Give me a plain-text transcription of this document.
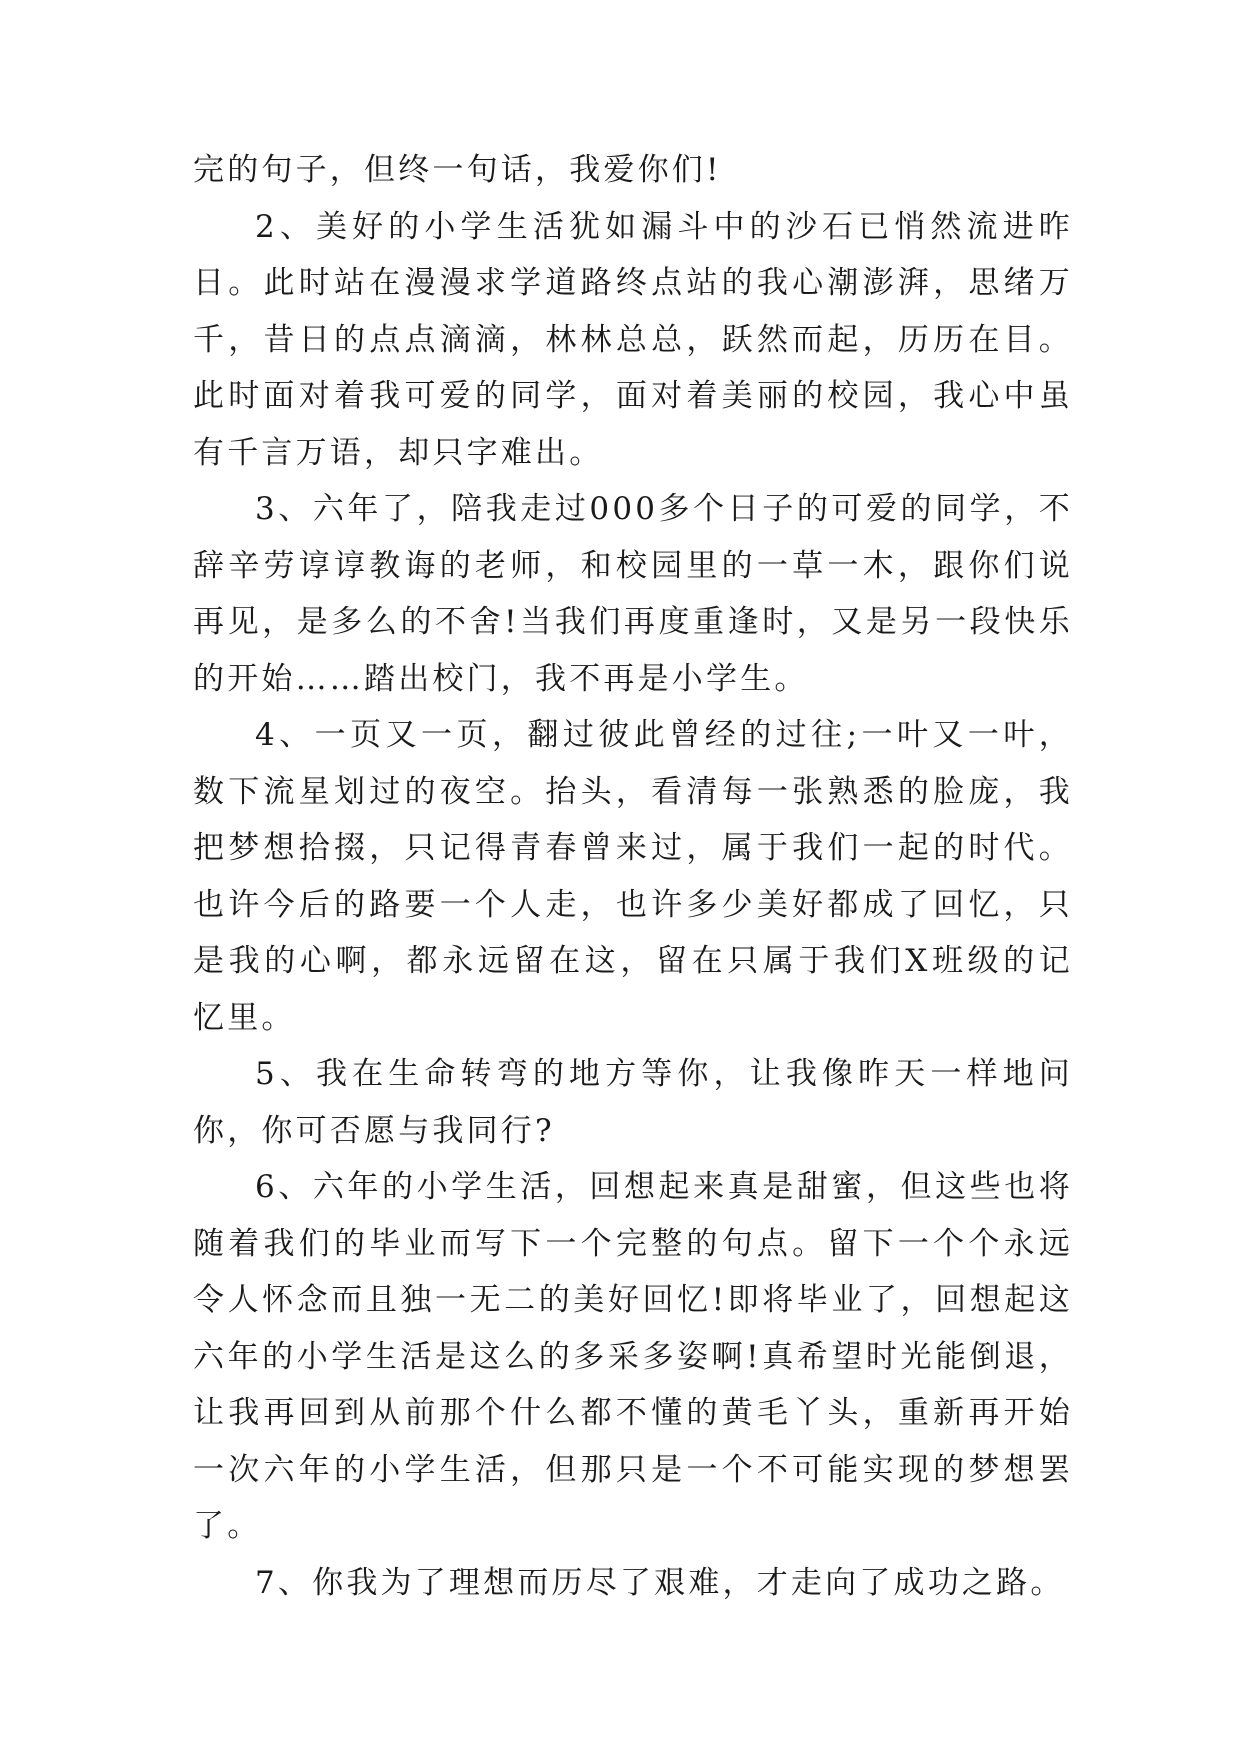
完的句子，但终一句话，我爱你们!

2、美好的小学生活犹如漏斗中的沙石已悄然流进昨日。此时站在漫漫求学道路终点站的我心潮澎湃，思绪万千，昔日的点点滴滴，林林总总，跃然而起，历历在目。此时面对着我可爱的同学，面对着美丽的校园，我心中虽有千言万语，却只字难出。

3、六年了，陪我走过000多个日子的可爱的同学，不辞辛劳谆谆教诲的老师，和校园里的一草一木，跟你们说再见，是多么的不舍!当我们再度重逢时，又是另一段快乐的开始……踏出校门，我不再是小学生。

4、一页又一页，翻过彼此曾经的过往;一叶又一叶，数下流星划过的夜空。抬头，看清每一张熟悉的脸庞，我把梦想拾掇，只记得青春曾来过，属于我们一起的时代。也许今后的路要一个人走，也许多少美好都成了回忆，只是我的心啊，都永远留在这，留在只属于我们X班级的记忆里。

5、我在生命转弯的地方等你，让我像昨天一样地问你，你可否愿与我同行?

6、六年的小学生活，回想起来真是甜蜜，但这些也将随着我们的毕业而写下一个完整的句点。留下一个个永远令人怀念而且独一无二的美好回忆!即将毕业了，回想起这六年的小学生活是这么的多采多姿啊!真希望时光能倒退，让我再回到从前那个什么都不懂的黄毛丫头，重新再开始一次六年的小学生活，但那只是一个不可能实现的梦想罢了。

7、你我为了理想而历尽了艰难，才走向了成功之路。
